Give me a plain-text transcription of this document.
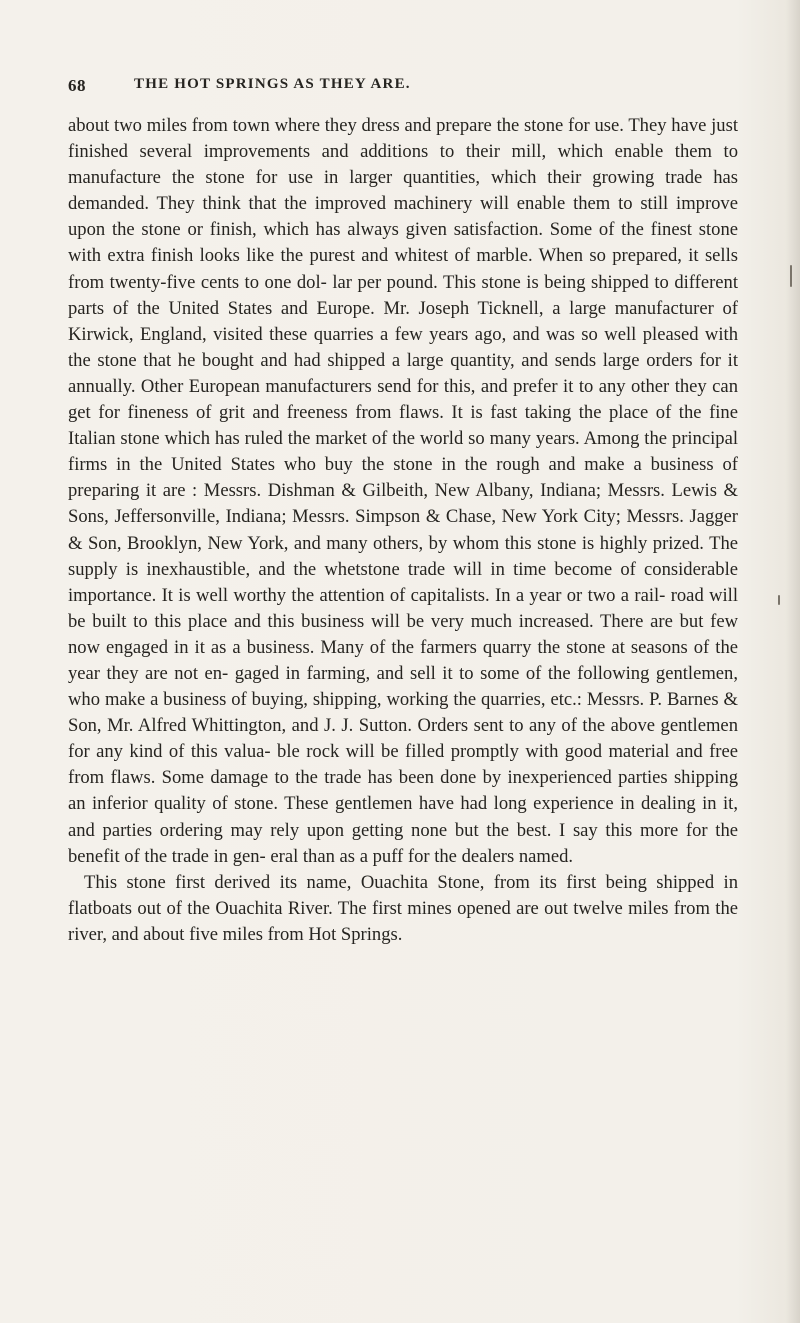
68	THE HOT SPRINGS AS THEY ARE.

about two miles from town where they dress and prepare the stone for use. They have just finished several improvements and additions to their mill, which enable them to manufacture the stone for use in larger quantities, which their growing trade has demanded. They think that the improved machinery will enable them to still improve upon the stone or finish, which has always given satisfaction. Some of the finest stone with extra finish looks like the purest and whitest of marble. When so prepared, it sells from twenty-five cents to one dol- lar per pound. This stone is being shipped to different parts of the United States and Europe. Mr. Joseph Ticknell, a large manufacturer of Kirwick, England, visited these quarries a few years ago, and was so well pleased with the stone that he bought and had shipped a large quantity, and sends large orders for it annually. Other European manufacturers send for this, and prefer it to any other they can get for fineness of grit and freeness from flaws. It is fast taking the place of the fine Italian stone which has ruled the market of the world so many years. Among the principal firms in the United States who buy the stone in the rough and make a business of preparing it are : Messrs. Dishman & Gilbeith, New Albany, Indiana; Messrs. Lewis & Sons, Jeffersonville, Indiana; Messrs. Simpson & Chase, New York City; Messrs. Jagger & Son, Brooklyn, New York, and many others, by whom this stone is highly prized. The supply is inexhaustible, and the whetstone trade will in time become of considerable importance. It is well worthy the attention of capitalists. In a year or two a rail- road will be built to this place and this business will be very much increased. There are but few now engaged in it as a business. Many of the farmers quarry the stone at seasons of the year they are not en- gaged in farming, and sell it to some of the following gentlemen, who make a business of buying, shipping, working the quarries, etc.: Messrs. P. Barnes & Son, Mr. Alfred Whittington, and J. J. Sutton. Orders sent to any of the above gentlemen for any kind of this valua- ble rock will be filled promptly with good material and free from flaws. Some damage to the trade has been done by inexperienced parties shipping an inferior quality of stone. These gentlemen have had long experience in dealing in it, and parties ordering may rely upon getting none but the best. I say this more for the benefit of the trade in gen- eral than as a puff for the dealers named.

This stone first derived its name, Ouachita Stone, from its first being shipped in flatboats out of the Ouachita River. The first mines opened are out twelve miles from the river, and about five miles from Hot Springs.
